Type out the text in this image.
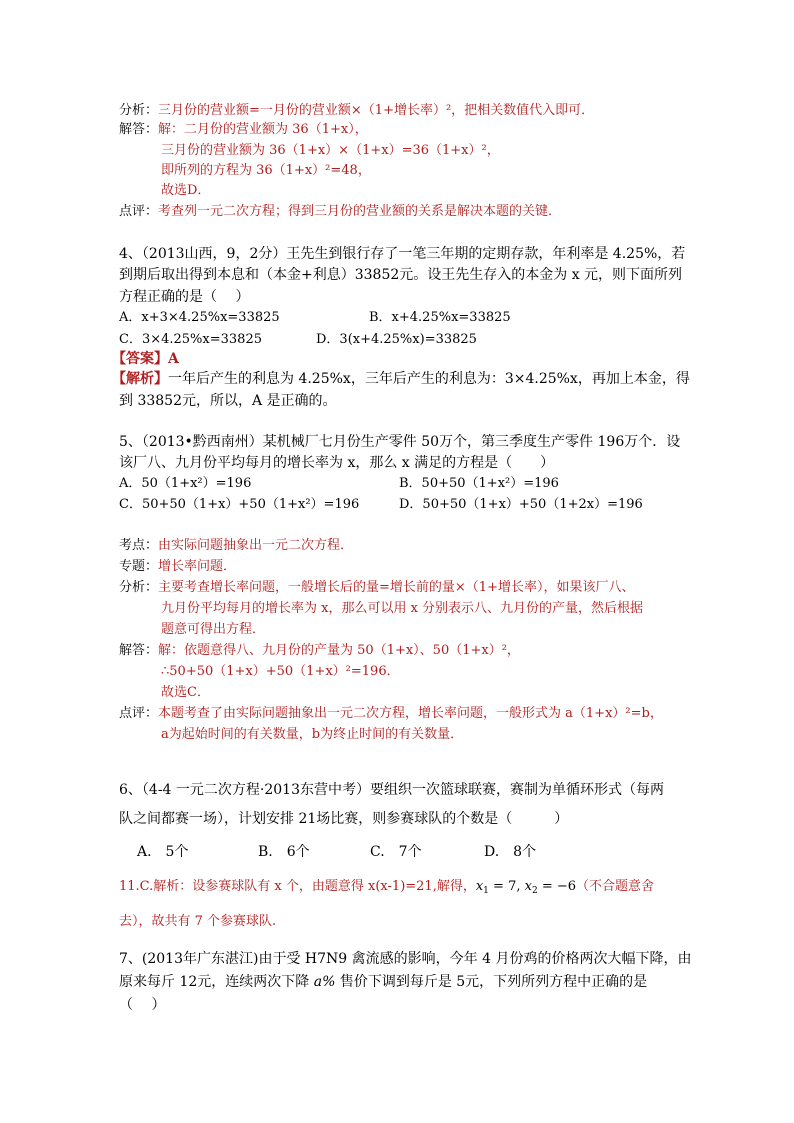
分析：三月份的营业额=一月份的营业额×（1+增长率）²，把相关数值代入即可．
解答：解：二月份的营业额为 36（1+x），
三月份的营业额为 36（1+x）×（1+x）=36（1+x）²，
即所列的方程为 36（1+x）²=48，
故选D．
点评：考查列一元二次方程；得到三月份的营业额的关系是解决本题的关键．
4、（2013山西，9，2分）王先生到银行存了一笔三年期的定期存款，年利率是 4.25%，若
到期后取出得到本息和（本金+利息）33852元。设王先生存入的本金为 x 元，则下面所列
方程正确的是（　 ）
A．x+3×4.25%x=33825	B．x+4.25%x=33825
C．3×4.25%x=33825	D．3(x+4.25%x)=33825
【答案】A
【解析】一年后产生的利息为 4.25%x，三年后产生的利息为：3×4.25%x，再加上本金，得
到 33852元，所以，A 是正确的。
5、（2013•黔西南州）某机械厂七月份生产零件 50万个，第三季度生产零件 196万个．设
该厂八、九月份平均每月的增长率为 x，那么 x 满足的方程是（　　）
A．50（1+x²）=196	B．50+50（1+x²）=196
C．50+50（1+x）+50（1+x²）=196	D．50+50（1+x）+50（1+2x）=196
考点：由实际问题抽象出一元二次方程．
专题：增长率问题．
分析：主要考查增长率问题，一般增长后的量=增长前的量×（1+增长率），如果该厂八、
九月份平均每月的增长率为 x，那么可以用 x 分别表示八、九月份的产量，然后根据
题意可得出方程．
解答：解：依题意得八、九月份的产量为 50（1+x）、50（1+x）²，
∴50+50（1+x）+50（1+x）²=196．
故选C．
点评：本题考查了由实际问题抽象出一元二次方程，增长率问题，一般形式为 a（1+x）²=b，
a为起始时间的有关数量，b为终止时间的有关数量．
6、（4-4 一元二次方程·2013东营中考）要组织一次篮球联赛，赛制为单循环形式（每两
队之间都赛一场），计划安排 21场比赛，则参赛球队的个数是（　　　）
A.　5个	B.　6个	C.　7个	D.　8个
11.C.解析：设参赛球队有 x 个，由题意得 x(x-1)=21,解得，$x_1 = 7$, $x_2 = -6$（不合题意舍
去），故共有 7 个参赛球队.
7、(2013年广东湛江)由于受 H7N9 禽流感的影响，今年 4 月份鸡的价格两次大幅下降，由
原来每斤 12元，连续两次下降 a% 售价下调到每斤是 5元，下列所列方程中正确的是
（　 ）
